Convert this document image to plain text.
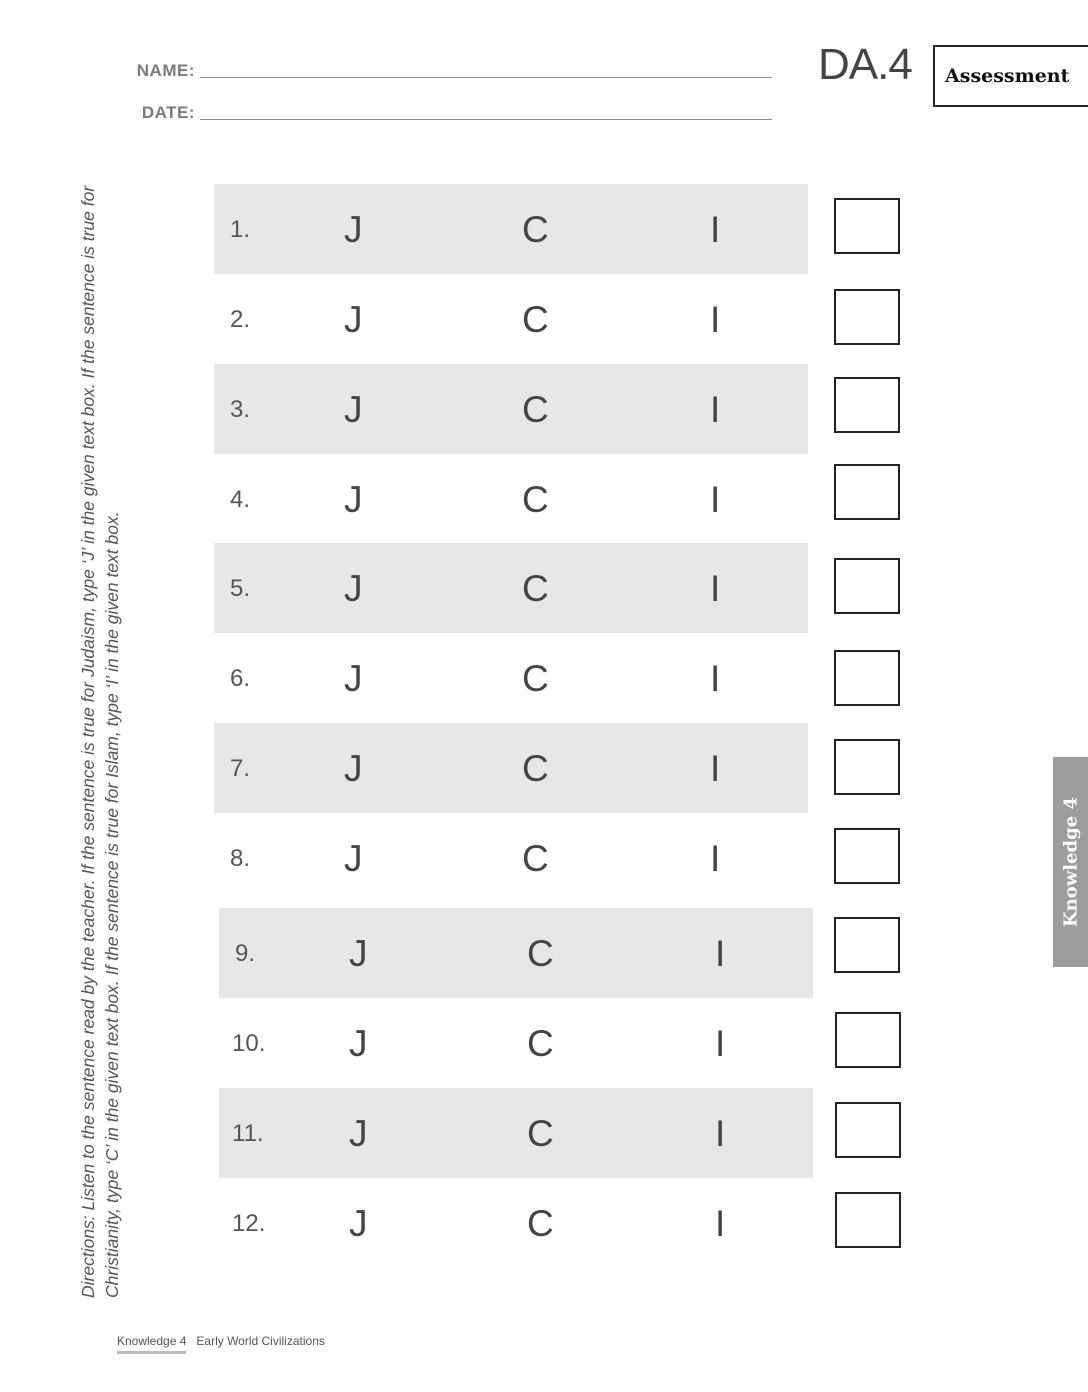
NAME:
DATE:
DA.4 Assessment
Directions: Listen to the sentence read by the teacher. If the sentence is true for Judaism, type ‘J’ in the given text box. If the sentence is true for Christianity, type ‘C’ in the given text box. If the sentence is true for Islam, type ‘I’ in the given text box.
1.	J	C	I
2.	J	C	I
3.	J	C	I
4.	J	C	I
5.	J	C	I
6.	J	C	I
7.	J	C	I
8.	J	C	I
9.	J	C	I
10. J	C	I
11. J	C	I
12. J	C	I
Knowledge 4
Knowledge 4 Early World Civilizations
